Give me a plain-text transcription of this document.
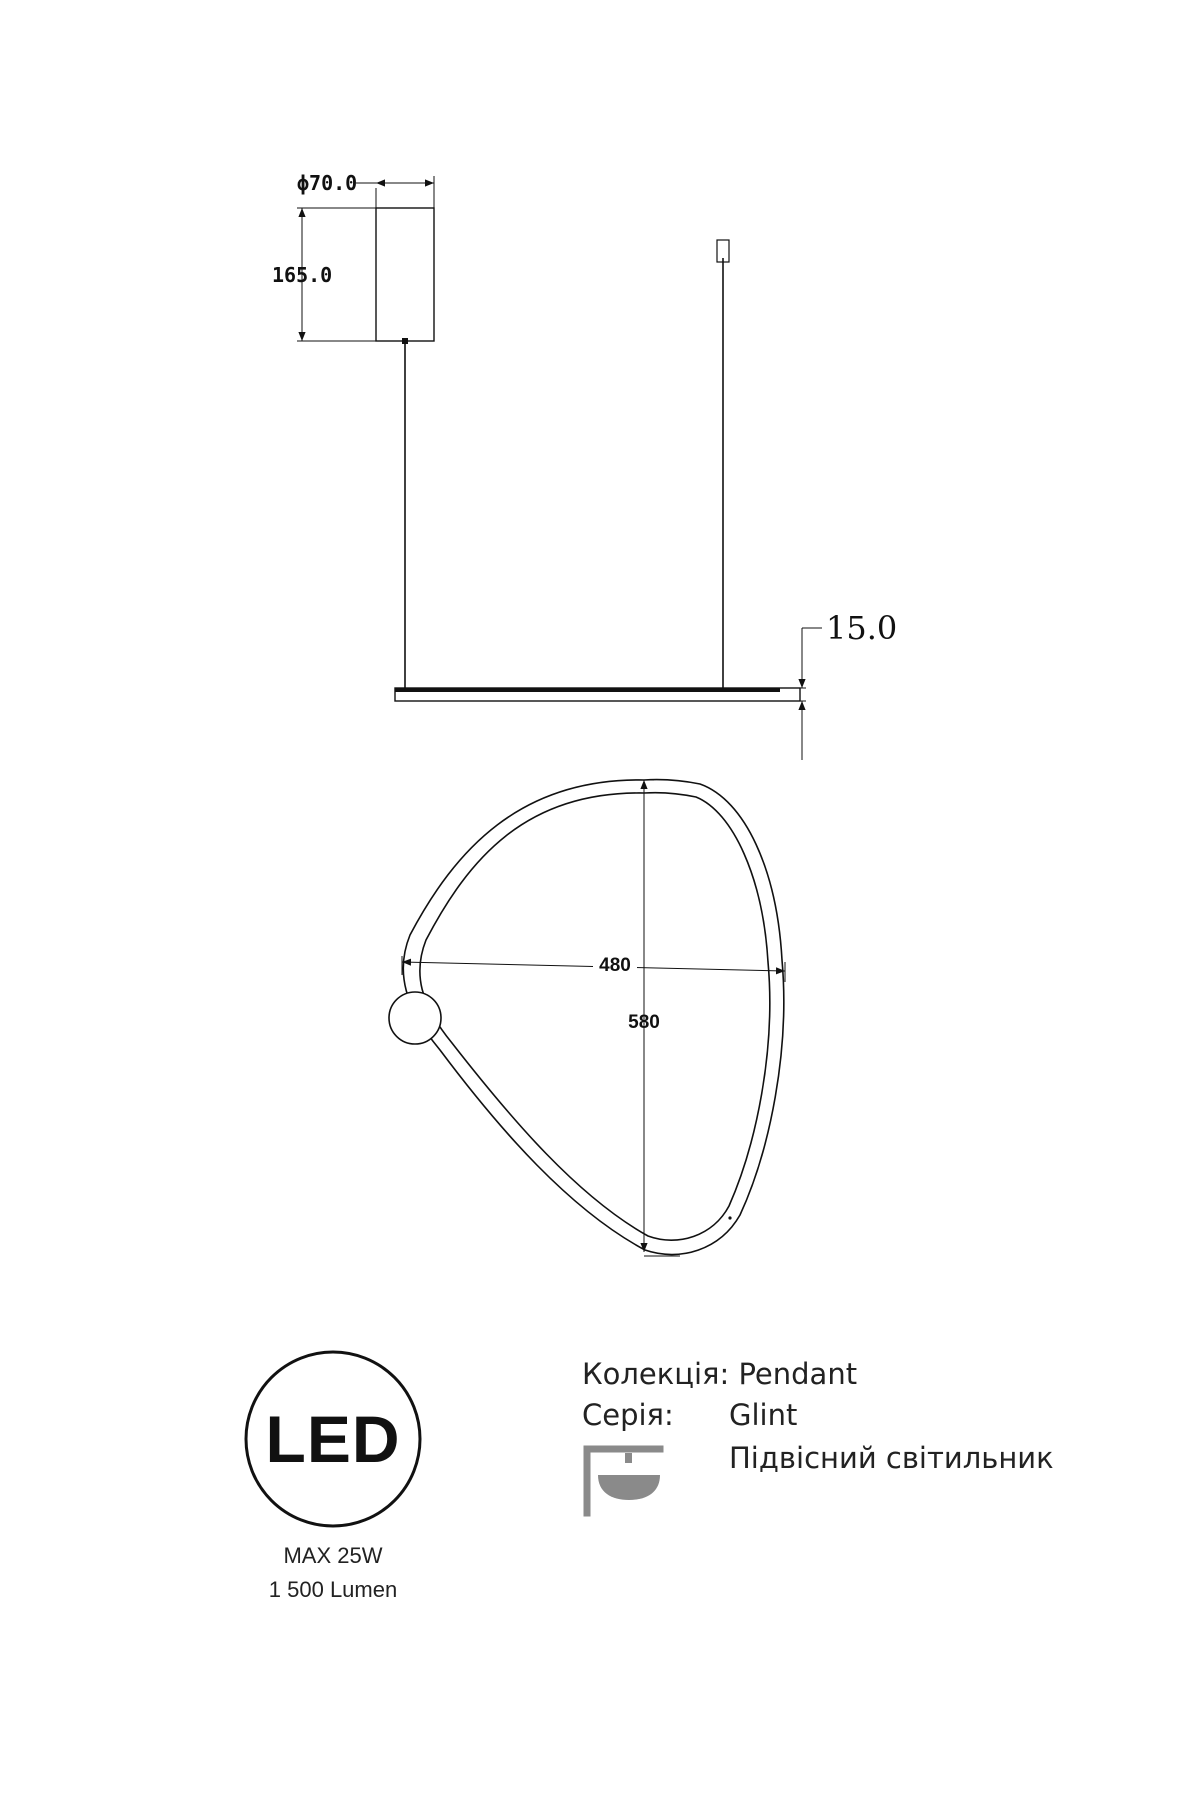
ϕ70.0
165.0
15.0
480
580
LED
Колекція: Pendant
Серія: Glint
Підвісний світильник
MAX 25W
1 500 Lumen
